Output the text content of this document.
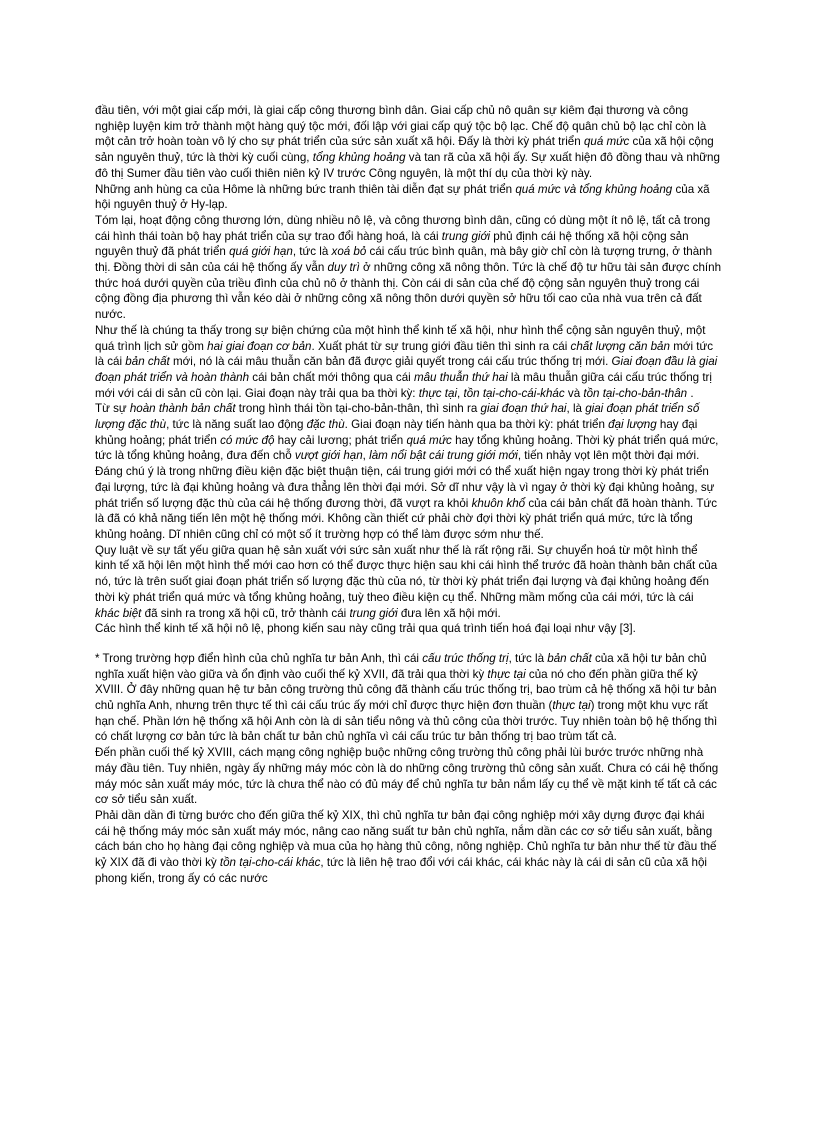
đầu tiên, với một giai cấp mới, là giai cấp công thương bình dân. Giai cấp chủ nô quân sự kiêm đại thương và công nghiệp luyện kim trở thành một hàng quý tộc mới, đối lập với giai cấp quý tộc bộ lạc. Chế độ quân chủ bộ lạc chỉ còn là một cản trở hoàn toàn vô lý cho sự phát triển của sức sản xuất xã hội. Đấy là thời kỳ phát triển quá mức của xã hội cộng sản nguyên thuỷ, tức là thời kỳ cuối cùng, tổng khủng hoảng và tan rã của xã hội ấy. Sự xuất hiện đô đồng thau và những đô thị Sumer đầu tiên vào cuối thiên niên kỷ IV trước Công nguyên, là một thí dụ của thời kỳ này.

Những anh hùng ca của Hôme là những bức tranh thiên tài diễn đạt sự phát triển quá mức và tổng khủng hoảng của xã hội nguyên thuỷ ở Hy-lạp.

Tóm lại, hoạt động công thương lớn, dùng nhiều nô lệ, và công thương bình dân, cũng có dùng một ít nô lệ, tất cả trong cái hình thái toàn bộ hay phát triển của sự trao đổi hàng hoá, là cái trung giới phủ định cái hệ thống xã hội cộng sản nguyên thuỷ đã phát triển quá giới hạn, tức là xoá bỏ cái cấu trúc bình quân, mà bây giờ chỉ còn là tượng trưng, ở thành thị. Đồng thời di sản của cái hệ thống ấy vẫn duy trì ở những công xã nông thôn. Tức là chế độ tư hữu tài sản được chính thức hoá dưới quyền của triều đình của chủ nô ở thành thị. Còn cái di sản của chế độ cộng sản nguyên thuỷ trong cái cộng đồng địa phương thì vẫn kéo dài ở những công xã nông thôn dưới quyền sở hữu tối cao của nhà vua trên cả đất nước.

Như thế là chúng ta thấy trong sự biện chứng của một hình thể kinh tế xã hội, như hình thể cộng sản nguyên thuỷ, một quá trình lịch sử gồm hai giai đoạn cơ bản. Xuất phát từ sự trung giới đầu tiên thì sinh ra cái chất lượng căn bản mới tức là cái bản chất mới, nó là cái mâu thuẫn căn bản đã được giải quyết trong cái cấu trúc thống trị mới. Giai đoạn đầu là giai đoạn phát triển và hoàn thành cái bản chất mới thông qua cái mâu thuẫn thứ hai là mâu thuẫn giữa cái cấu trúc thống trị mới với cái di sản cũ còn lại. Giai đoạn này trải qua ba thời kỳ: thực tại, tồn tại-cho-cái-khác và tồn tại-cho-bản-thân .

Từ sự hoàn thành bản chất trong hình thái tồn tại-cho-bản-thân, thì sinh ra giai đoạn thứ hai, là giai đoạn phát triển số lượng đặc thù, tức là năng suất lao động đặc thù. Giai đoạn này tiến hành qua ba thời kỳ: phát triển đại lượng hay đại khủng hoảng; phát triển có mức độ hay cải lương; phát triển quá mức hay tổng khủng hoảng. Thời kỳ phát triển quá mức, tức là tổng khủng hoảng, đưa đến chỗ vượt giới hạn, làm nổi bật cái trung giới mới, tiến nhảy vọt lên một thời đại mới.

Đáng chú ý là trong những điều kiện đặc biệt thuận tiện, cái trung giới mới có thể xuất hiện ngay trong thời kỳ phát triển đại lượng, tức là đại khủng hoảng và đưa thẳng lên thời đại mới. Sở dĩ như vậy là vì ngay ở thời kỳ đại khủng hoảng, sự phát triển số lượng đặc thù của cái hệ thống đương thời, đã vượt ra khỏi khuôn khổ của cái bản chất đã hoàn thành. Tức là đã có khả năng tiến lên một hệ thống mới. Không cần thiết cứ phải chờ đợi thời kỳ phát triển quá mức, tức là tổng khủng hoảng. Dĩ nhiên cũng chỉ có một số ít trường hợp có thể làm được sớm như thế.

Quy luật về sự tất yếu giữa quan hệ sản xuất với sức sản xuất như thế là rất rộng rãi. Sự chuyển hoá từ một hình thể kinh tế xã hội lên một hình thể mới cao hơn có thể được thực hiện sau khi cái hình thể trước đã hoàn thành bản chất của nó, tức là trên suốt giai đoạn phát triển số lượng đặc thù của nó, từ thời kỳ phát triển đại lượng và đại khủng hoảng đến thời kỳ phát triển quá mức và tổng khủng hoảng, tuỳ theo điều kiện cụ thể. Những mầm mống của cái mới, tức là cái khác biệt đã sinh ra trong xã hội cũ, trở thành cái trung giới đưa lên xã hội mới.

Các hình thể kinh tế xã hội nô lệ, phong kiến sau này cũng trải qua quá trình tiến hoá đại loại như vậy [3].

* Trong trường hợp điển hình của chủ nghĩa tư bản Anh, thì cái cấu trúc thống trị, tức là bản chất của xã hội tư bản chủ nghĩa xuất hiện vào giữa và ổn định vào cuối thế kỷ XVII, đã trải qua thời kỳ thực tại của nó cho đến phần giữa thế kỷ XVIII. Ở đây những quan hệ tư bản công trường thủ công đã thành cấu trúc thống trị, bao trùm cả hệ thống xã hội tư bản chủ nghĩa Anh, nhưng trên thực tế thì cái cấu trúc ấy mới chỉ được thực hiện đơn thuần (thực tại) trong một khu vực rất hạn chế. Phần lớn hệ thống xã hội Anh còn là di sản tiểu nông và thủ công của thời trước. Tuy nhiên toàn bộ hệ thống thì có chất lượng cơ bản tức là bản chất tư bản chủ nghĩa vì cái cấu trúc tư bản thống trị bao trùm tất cả.

Đến phần cuối thế kỷ XVIII, cách mạng công nghiệp buộc những công trường thủ công phải lùi bước trước những nhà máy đầu tiên. Tuy nhiên, ngày ấy những máy móc còn là do những công trường thủ công sản xuất. Chưa có cái hệ thống máy móc sản xuất máy móc, tức là chưa thể nào có đủ máy để chủ nghĩa tư bản nắm lấy cụ thể về mặt kinh tế tất cả các cơ sở tiểu sản xuất.

Phải dần dần đi từng bước cho đến giữa thế kỷ XIX, thì chủ nghĩa tư bản đại công nghiệp mới xây dựng được đại khái cái hệ thống máy móc sản xuất máy móc, nâng cao năng suất tư bản chủ nghĩa, nắm dần các cơ sở tiểu sản xuất, bằng cách bán cho họ hàng đại công nghiệp và mua của họ hàng thủ công, nông nghiệp. Chủ nghĩa tư bản như thế từ đầu thế kỷ XIX đã đi vào thời kỳ tồn tại-cho-cái khác, tức là liên hệ trao đổi với cái khác, cái khác này là cái di sản cũ của xã hội phong kiến, trong ấy có các nước
